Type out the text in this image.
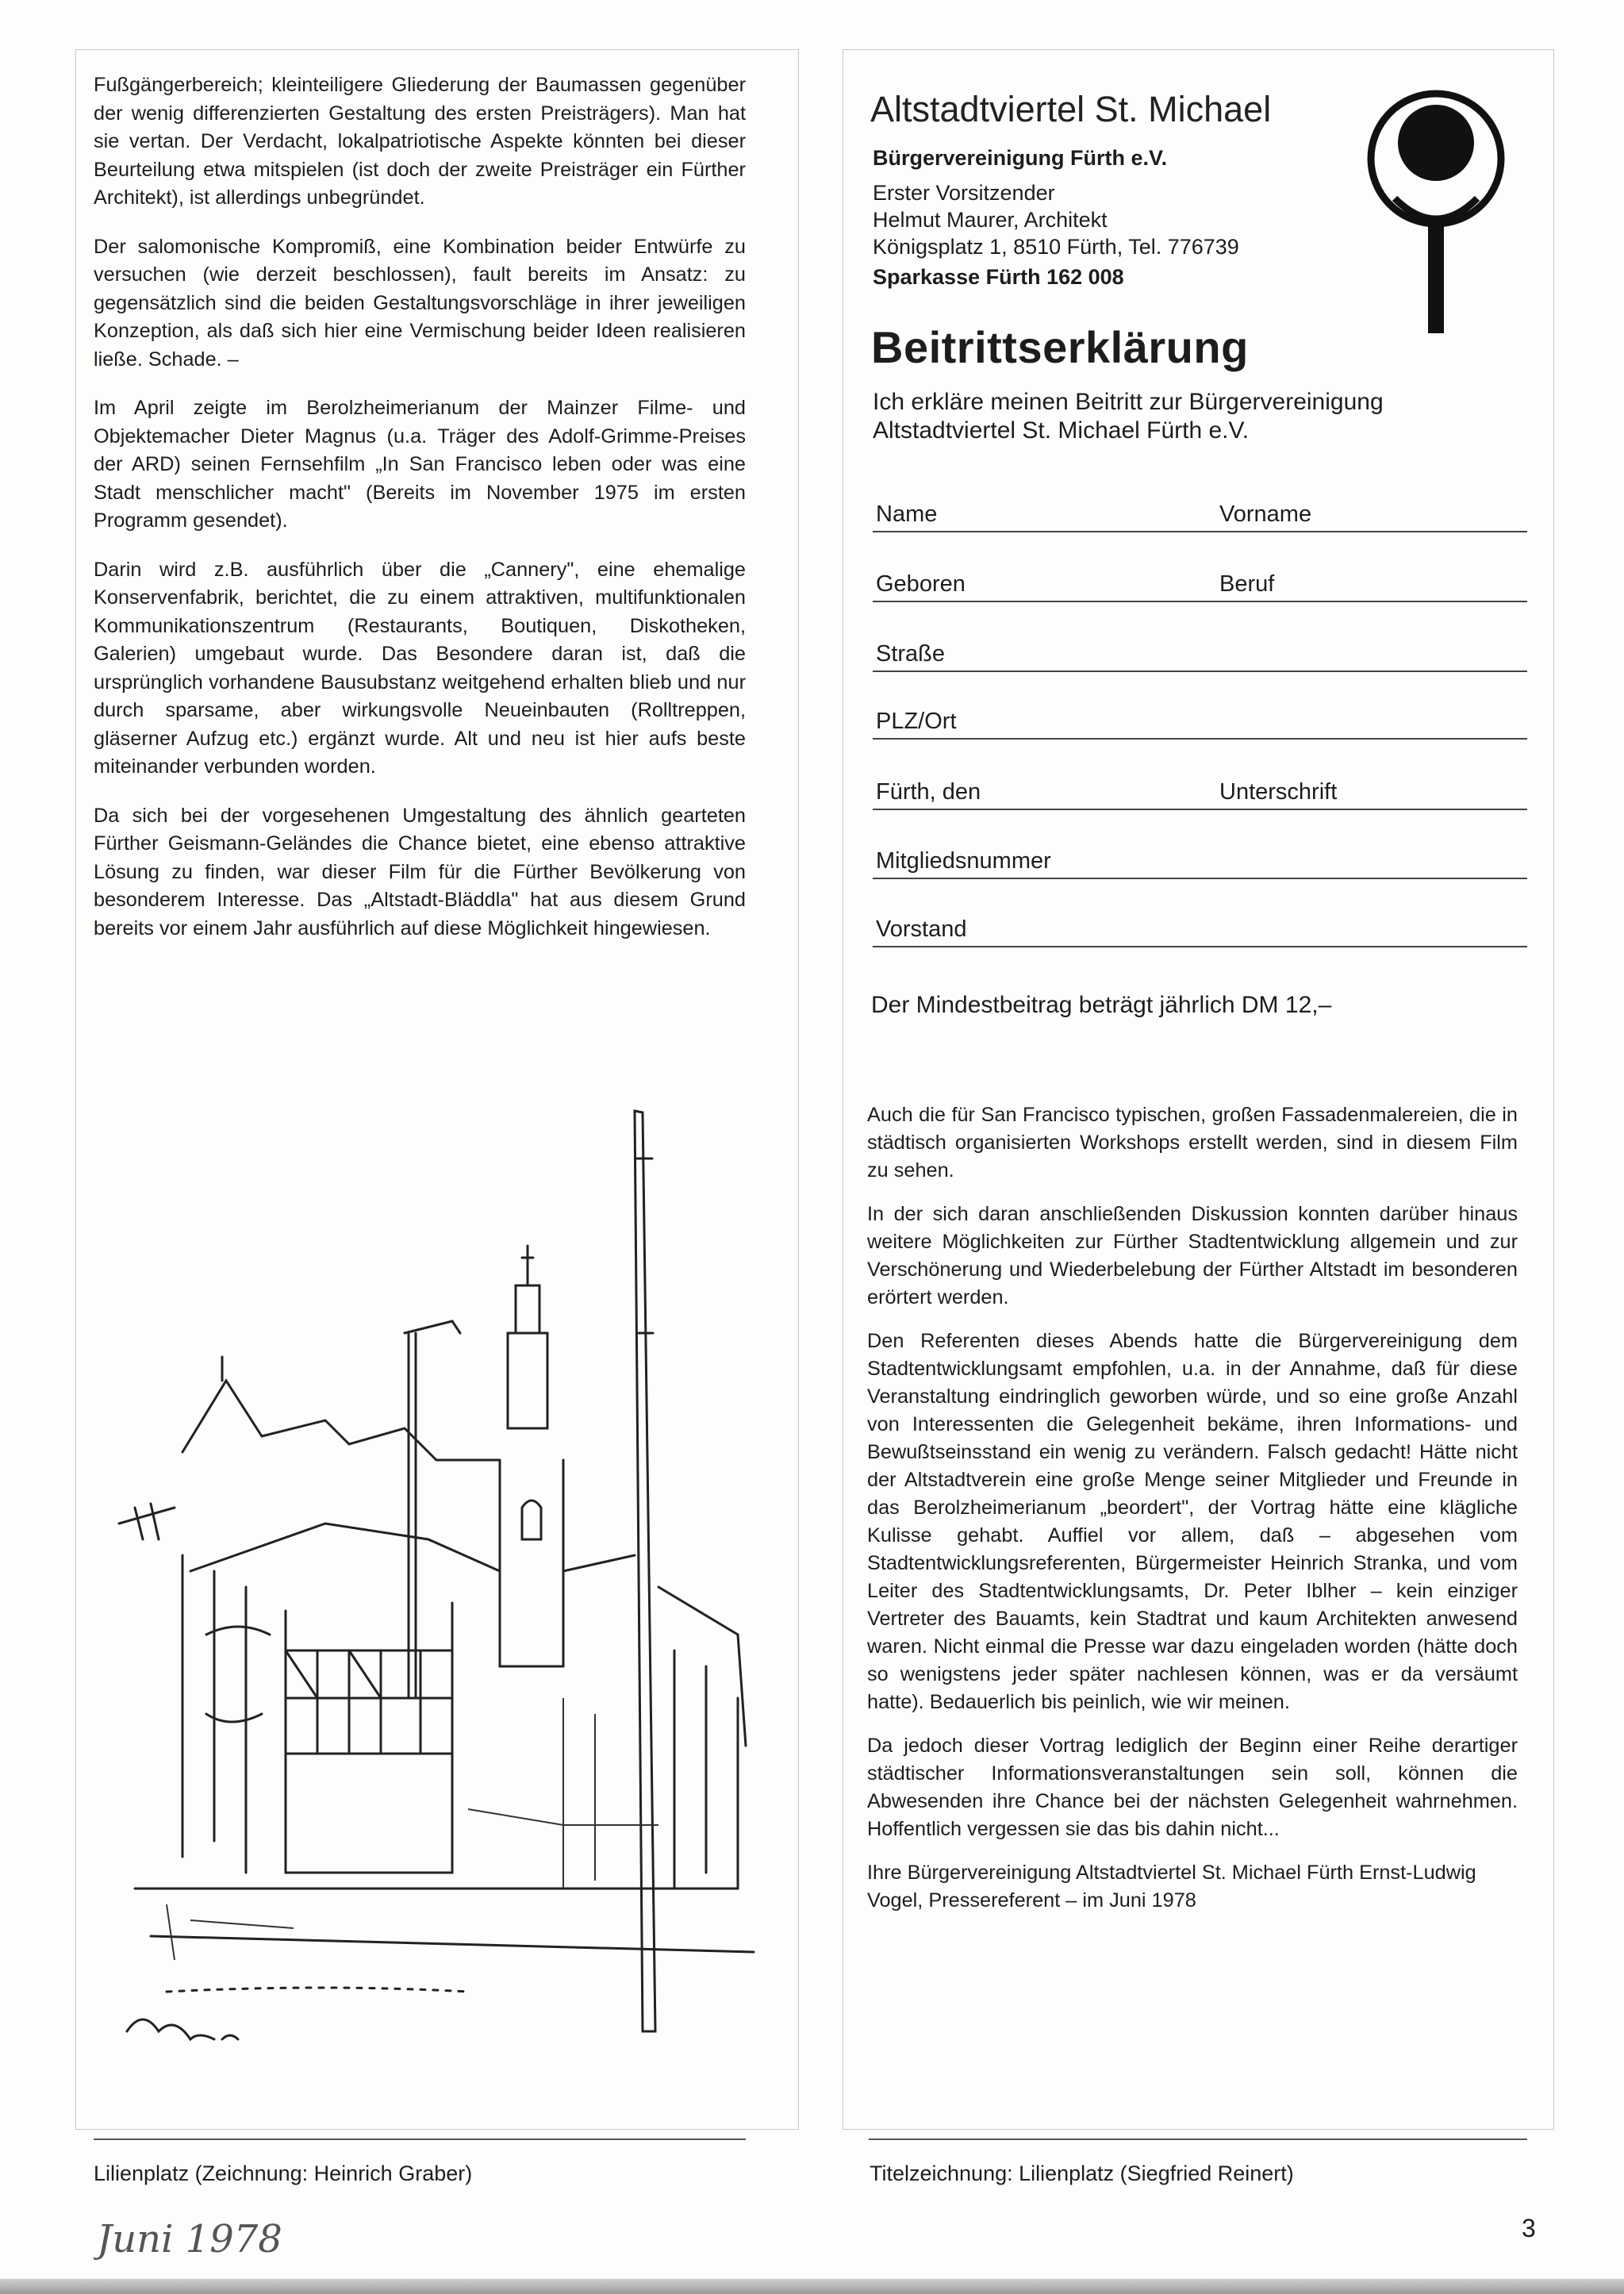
Fußgängerbereich; kleinteiligere Gliederung der Baumassen gegenüber der wenig differenzierten Gestaltung des ersten Preisträgers). Man hat sie vertan. Der Verdacht, lokalpatriotische Aspekte könnten bei dieser Beurteilung etwa mitspielen (ist doch der zweite Preisträger ein Fürther Architekt), ist allerdings unbegründet.

Der salomonische Kompromiß, eine Kombination beider Entwürfe zu versuchen (wie derzeit beschlossen), fault bereits im Ansatz: zu gegensätzlich sind die beiden Gestaltungsvorschläge in ihrer jeweiligen Konzeption, als daß sich hier eine Vermischung beider Ideen realisieren ließe. Schade. –

Im April zeigte im Berolzheimerianum der Mainzer Filme- und Objektemacher Dieter Magnus (u.a. Träger des Adolf-Grimme-Preises der ARD) seinen Fernsehfilm „In San Francisco leben oder was eine Stadt menschlicher macht" (Bereits im November 1975 im ersten Programm gesendet).

Darin wird z.B. ausführlich über die „Cannery", eine ehemalige Konservenfabrik, berichtet, die zu einem attraktiven, multifunktionalen Kommunikationszentrum (Restaurants, Boutiquen, Diskotheken, Galerien) umgebaut wurde. Das Besondere daran ist, daß die ursprünglich vorhandene Bausubstanz weitgehend erhalten blieb und nur durch sparsame, aber wirkungsvolle Neueinbauten (Rolltreppen, gläserner Aufzug etc.) ergänzt wurde. Alt und neu ist hier aufs beste miteinander verbunden worden.

Da sich bei der vorgesehenen Umgestaltung des ähnlich gearteten Fürther Geismann-Geländes die Chance bietet, eine ebenso attraktive Lösung zu finden, war dieser Film für die Fürther Bevölkerung von besonderem Interesse. Das „Altstadt-Bläddla" hat aus diesem Grund bereits vor einem Jahr ausführlich auf diese Möglichkeit hingewiesen.

Altstadtviertel St. Michael
Bürgervereinigung Fürth e.V.
Erster Vorsitzender
Helmut Maurer, Architekt
Königsplatz 1, 8510 Fürth, Tel. 776739
Sparkasse Fürth 162 008
Beitrittserklärung
Ich erkläre meinen Beitritt zur Bürgervereinigung
Altstadtviertel St. Michael Fürth e.V.
Name	Vorname
Geboren	Beruf
Straße
PLZ/Ort
Fürth, den	Unterschrift
Mitgliedsnummer
Vorstand
Der Mindestbeitrag beträgt jährlich DM 12,–

Auch die für San Francisco typischen, großen Fassadenmalereien, die in städtisch organisierten Workshops erstellt werden, sind in diesem Film zu sehen.

In der sich daran anschließenden Diskussion konnten darüber hinaus weitere Möglichkeiten zur Fürther Stadtentwicklung allgemein und zur Verschönerung und Wiederbelebung der Fürther Altstadt im besonderen erörtert werden.

Den Referenten dieses Abends hatte die Bürgervereinigung dem Stadtentwicklungsamt empfohlen, u.a. in der Annahme, daß für diese Veranstaltung eindringlich geworben würde, und so eine große Anzahl von Interessenten die Gelegenheit bekäme, ihren Informations- und Bewußtseinsstand ein wenig zu verändern. Falsch gedacht! Hätte nicht der Altstadtverein eine große Menge seiner Mitglieder und Freunde in das Berolzheimerianum „beordert", der Vortrag hätte eine klägliche Kulisse gehabt. Auffiel vor allem, daß – abgesehen vom Stadtentwicklungsreferenten, Bürgermeister Heinrich Stranka, und vom Leiter des Stadtentwicklungsamts, Dr. Peter Iblher – kein einziger Vertreter des Bauamts, kein Stadtrat und kaum Architekten anwesend waren. Nicht einmal die Presse war dazu eingeladen worden (hätte doch so wenigstens jeder später nachlesen können, was er da versäumt hatte). Bedauerlich bis peinlich, wie wir meinen.

Da jedoch dieser Vortrag lediglich der Beginn einer Reihe derartiger städtischer Informationsveranstaltungen sein soll, können die Abwesenden ihre Chance bei der nächsten Gelegenheit wahrnehmen. Hoffentlich vergessen sie das bis dahin nicht...

Ihre Bürgervereinigung Altstadtviertel St. Michael Fürth Ernst-Ludwig Vogel, Pressereferent – im Juni 1978

Lilienplatz (Zeichnung: Heinrich Graber)	Titelzeichnung: Lilienplatz (Siegfried Reinert)
Juni 1978	3
